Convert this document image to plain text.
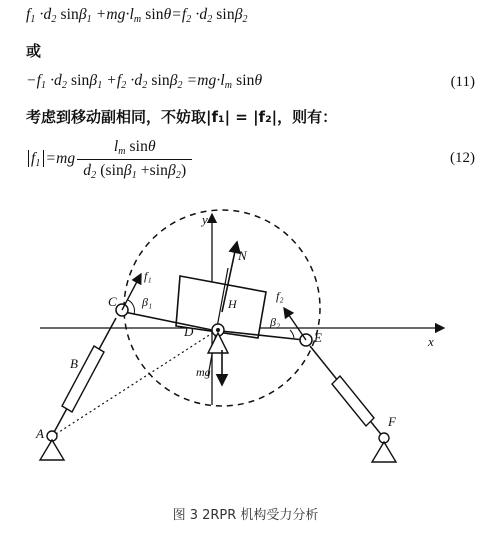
$f_1 \cdot d_2$ $\sin\beta_1 +mg\cdot l_m$ $\sin\theta=f_2 \cdot d_2$ sinβ$_2$
或
$-f_1 \cdot d_2$ $\sin\beta_1 +f_2 \cdot d_2$ $\sin\beta_2 =mg\cdot l_m$ sinθ	(11)
考虑到移动副相同，不妨取|f₁| = |f₂|，则有：
$f_1 =mg \frac{l_m \sin\theta}{d_2 (\sin\beta_1 +\sin\beta_2)}$	(12)
x
y
N
H
D
mg
C
f₁
β₁
E
f₂
β₂
B
A
F
图 3 2RPR 机构受力分析
